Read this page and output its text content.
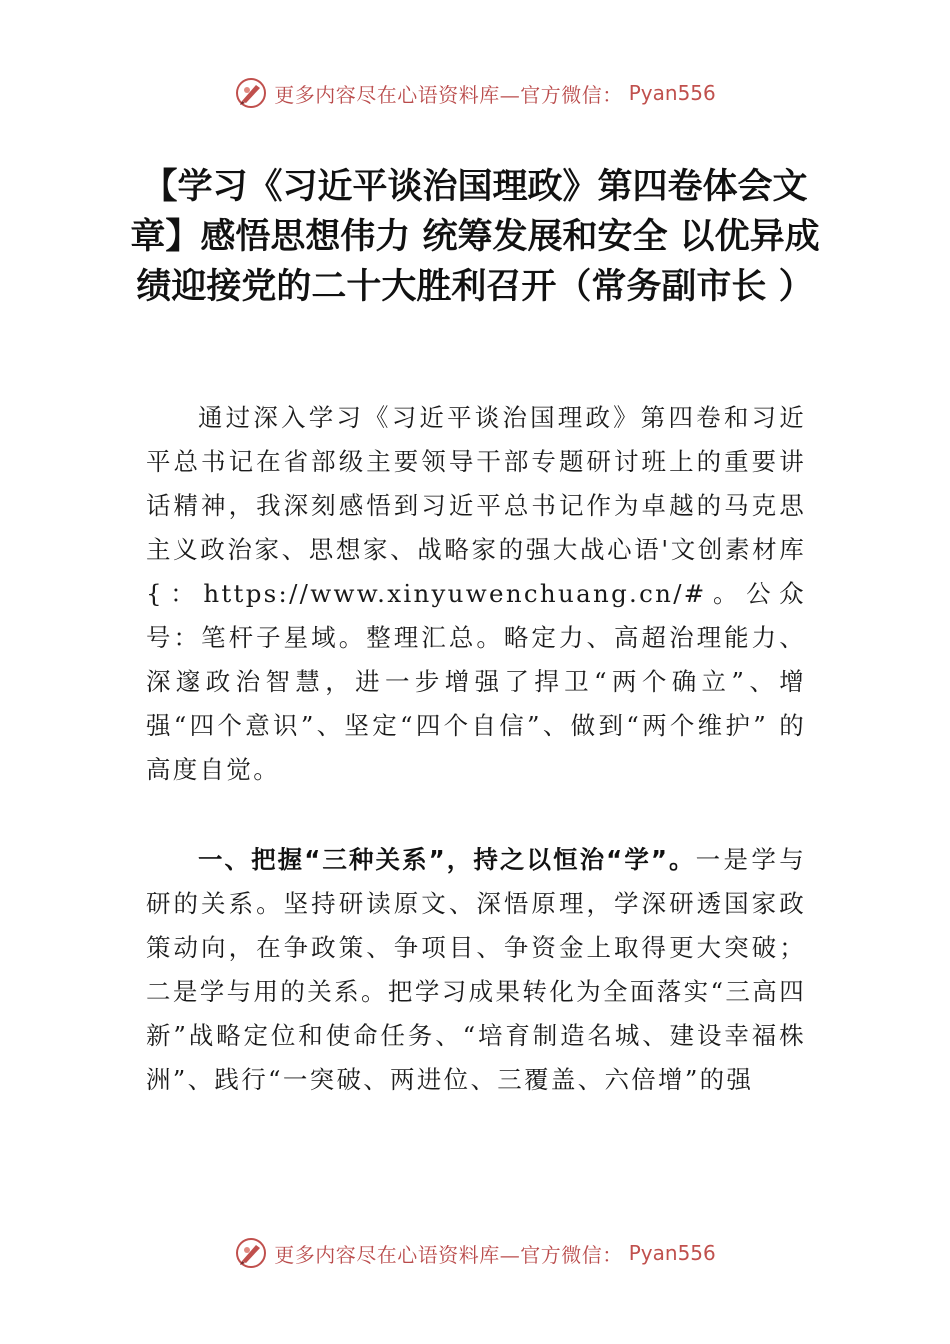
更多内容尽在心语资料库—官方微信： Pyan556
【学习《习近平谈治国理政》第四卷体会文章】感悟思想伟力 统筹发展和安全 以优异成绩迎接党的二十大胜利召开（常务副市长 ）

通过深入学习《习近平谈治国理政》第四卷和习近平总书记在省部级主要领导干部专题研讨班上的重要讲话精神，我深刻感悟到习近平总书记作为卓越的马克思主义政治家、思想家、战略家的强大战心语'文创素材库{：https://www.xinyuwenchuang.cn/#。公众号：笔杆子星域。整理汇总。略定力、高超治理能力、深邃政治智慧，进一步增强了捍卫“两个确立”、增强“四个意识”、坚定“四个自信”、做到“两个维护” 的高度自觉。

一、把握“三种关系”，持之以恒治“学”。一是学与研的关系。坚持研读原文、深悟原理，学深研透国家政策动向，在争政策、争项目、争资金上取得更大突破；二是学与用的关系。把学习成果转化为全面落实“三高四新”战略定位和使命任务、“培育制造名城、建设幸福株洲”、践行“一突破、两进位、三覆盖、六倍增”的强

更多内容尽在心语资料库—官方微信： Pyan556
